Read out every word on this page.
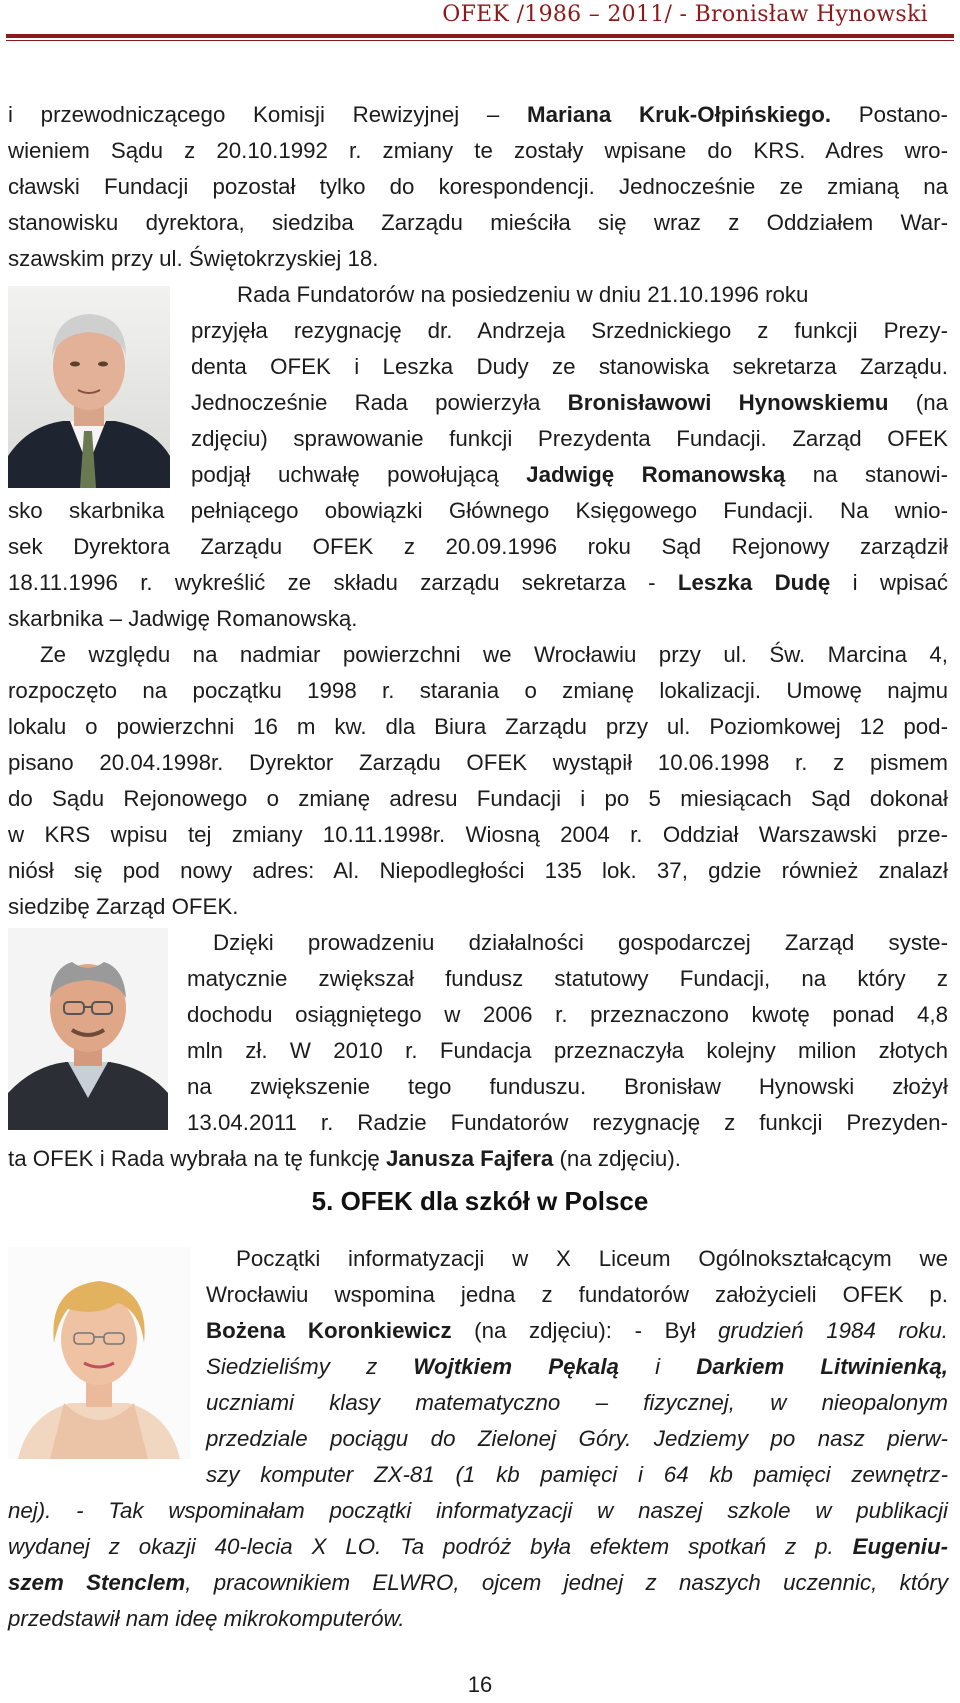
OFEK /1986 – 2011/ - Bronisław Hynowski
i przewodniczącego Komisji Rewizyjnej – Mariana Kruk-Ołpińskiego. Postano-
wieniem Sądu z 20.10.1992 r. zmiany te zostały wpisane do KRS. Adres wro-
cławski Fundacji pozostał tylko do korespondencji. Jednocześnie ze zmianą na
stanowisku dyrektora, siedziba Zarządu mieściła się wraz z Oddziałem War-
szawskim przy ul. Świętokrzyskiej 18.
Rada Fundatorów na posiedzeniu w dniu 21.10.1996 roku
przyjęła rezygnację dr. Andrzeja Srzednickiego z funkcji Prezy-
denta OFEK i Leszka Dudy ze stanowiska sekretarza Zarządu.
Jednocześnie Rada powierzyła Bronisławowi Hynowskiemu (na
zdjęciu) sprawowanie funkcji Prezydenta Fundacji. Zarząd OFEK
podjął uchwałę powołującą Jadwigę Romanowską na stanowi-
sko skarbnika pełniącego obowiązki Głównego Księgowego Fundacji. Na wnio-
sek Dyrektora Zarządu OFEK z 20.09.1996 roku Sąd Rejonowy zarządził
18.11.1996 r. wykreślić ze składu zarządu sekretarza - Leszka Dudę i wpisać
skarbnika – Jadwigę Romanowską.
Ze względu na nadmiar powierzchni we Wrocławiu przy ul. Św. Marcina 4,
rozpoczęto na początku 1998 r. starania o zmianę lokalizacji. Umowę najmu
lokalu o powierzchni 16 m kw. dla Biura Zarządu przy ul. Poziomkowej 12 pod-
pisano 20.04.1998r. Dyrektor Zarządu OFEK wystąpił 10.06.1998 r. z pismem
do Sądu Rejonowego o zmianę adresu Fundacji i po 5 miesiącach Sąd dokonał
w KRS wpisu tej zmiany 10.11.1998r. Wiosną 2004 r. Oddział Warszawski prze-
niósł się pod nowy adres: Al. Niepodległości 135 lok. 37, gdzie również znalazł
siedzibę Zarząd OFEK.
Dzięki prowadzeniu działalności gospodarczej Zarząd syste-
matycznie zwiększał fundusz statutowy Fundacji, na który z
dochodu osiągniętego w 2006 r. przeznaczono kwotę ponad 4,8
mln zł. W 2010 r. Fundacja przeznaczyła kolejny milion złotych
na zwiększenie tego funduszu. Bronisław Hynowski złożył
13.04.2011 r. Radzie Fundatorów rezygnację z funkcji Prezyden-
ta OFEK i Rada wybrała na tę funkcję Janusza Fajfera (na zdjęciu).
5. OFEK dla szkół w Polsce
Początki informatyzacji w X Liceum Ogólnokształcącym we
Wrocławiu wspomina jedna z fundatorów założycieli OFEK p.
Bożena Koronkiewicz (na zdjęciu): - Był grudzień 1984 roku.
Siedzieliśmy z Wojtkiem Pękalą i Darkiem Litwinienką,
uczniami klasy matematyczno – fizycznej, w nieopalonym
przedziale pociągu do Zielonej Góry. Jedziemy po nasz pierw-
szy komputer ZX-81 (1 kb pamięci i 64 kb pamięci zewnętrz-
nej). - Tak wspominałam początki informatyzacji w naszej szkole w publikacji
wydanej z okazji 40-lecia X LO. Ta podróż była efektem spotkań z p. Eugeniu-
szem Stenclem, pracownikiem ELWRO, ojcem jednej z naszych uczennic, który
przedstawił nam ideę mikrokomputerów.
16
